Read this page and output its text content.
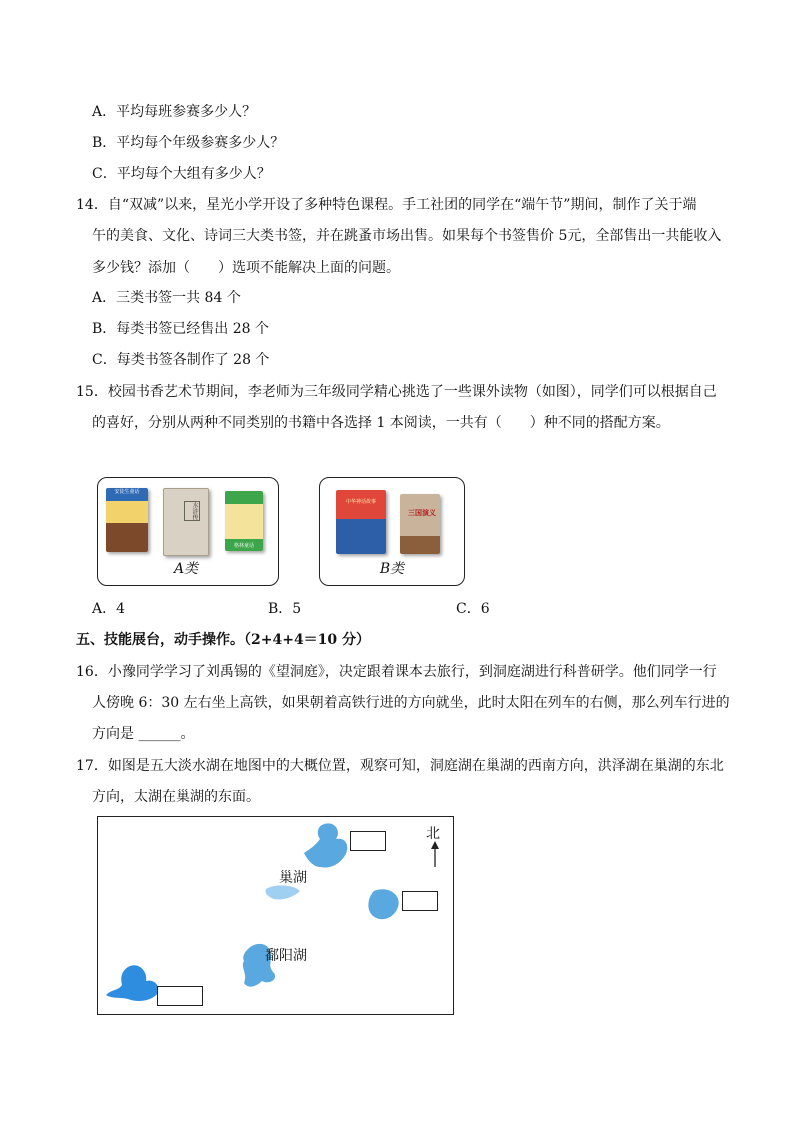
A．平均每班参赛多少人？
B．平均每个年级参赛多少人？
C．平均每个大组有多少人？
14．自“双减”以来，星光小学开设了多种特色课程。手工社团的同学在“端午节”期间，制作了关于端
午的美食、文化、诗词三大类书签，并在跳蚤市场出售。如果每个书签售价 5元，全部售出一共能收入
多少钱？添加（　　）选项不能解决上面的问题。
A．三类书签一共 84 个
B．每类书签已经售出 28 个
C．每类书签各制作了 28 个
15．校园书香艺术节期间，李老师为三年级同学精心挑选了一些课外读物（如图），同学们可以根据自己
的喜好，分别从两种不同类别的书籍中各选择 1 本阅读，一共有（　　）种不同的搭配方案。
安徒生童话
水浒传
格林童话
A类
中华神话故事
三国演义
B类
A．4	B．5	C．6
五、技能展台，动手操作。（2+4+4＝10 分）
16．小豫同学学习了刘禹锡的《望洞庭》，决定跟着课本去旅行，到洞庭湖进行科普研学。他们同学一行
人傍晚 6：30 左右坐上高铁，如果朝着高铁行进的方向就坐，此时太阳在列车的右侧，那么列车行进的
方向是 ______。
17．如图是五大淡水湖在地图中的大概位置，观察可知，洞庭湖在巢湖的西南方向，洪泽湖在巢湖的东北
方向，太湖在巢湖的东面。
北
巢湖
鄱阳湖
